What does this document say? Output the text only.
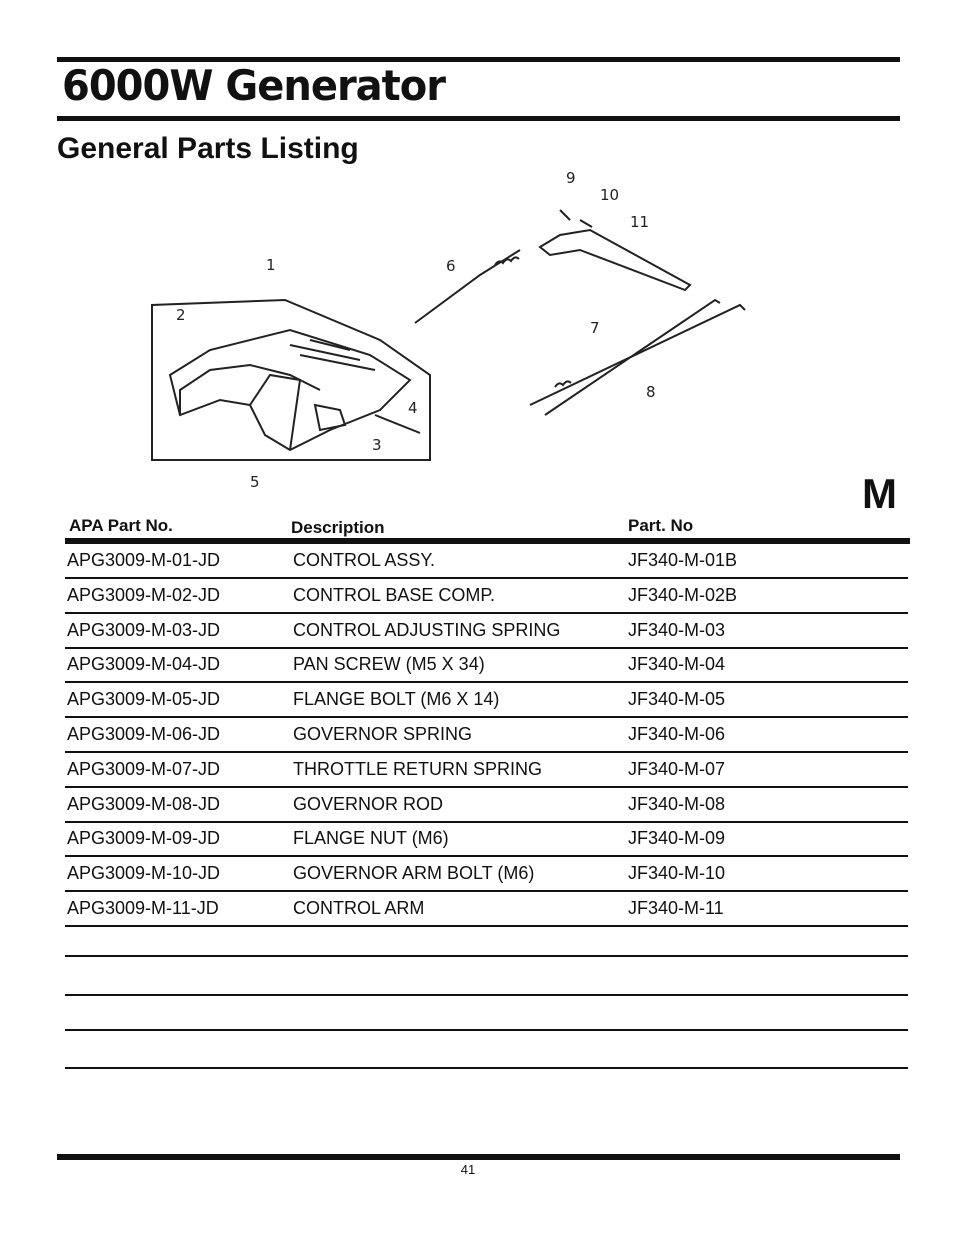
6000W Generator
General Parts Listing
1
2
3
4
5
6
7
8
9
10
11
M
APA Part No.	Description	Part. No
APG3009-M-01-JD	CONTROL ASSY.	JF340-M-01B
APG3009-M-02-JD	CONTROL BASE COMP.	JF340-M-02B
APG3009-M-03-JD	CONTROL ADJUSTING SPRING	JF340-M-03
APG3009-M-04-JD	PAN SCREW (M5 X 34)	JF340-M-04
APG3009-M-05-JD	FLANGE BOLT (M6 X 14)	JF340-M-05
APG3009-M-06-JD	GOVERNOR SPRING	JF340-M-06
APG3009-M-07-JD	THROTTLE RETURN SPRING	JF340-M-07
APG3009-M-08-JD	GOVERNOR ROD	JF340-M-08
APG3009-M-09-JD	FLANGE NUT (M6)	JF340-M-09
APG3009-M-10-JD	GOVERNOR ARM BOLT (M6)	JF340-M-10
APG3009-M-11-JD	CONTROL ARM	JF340-M-11
41
